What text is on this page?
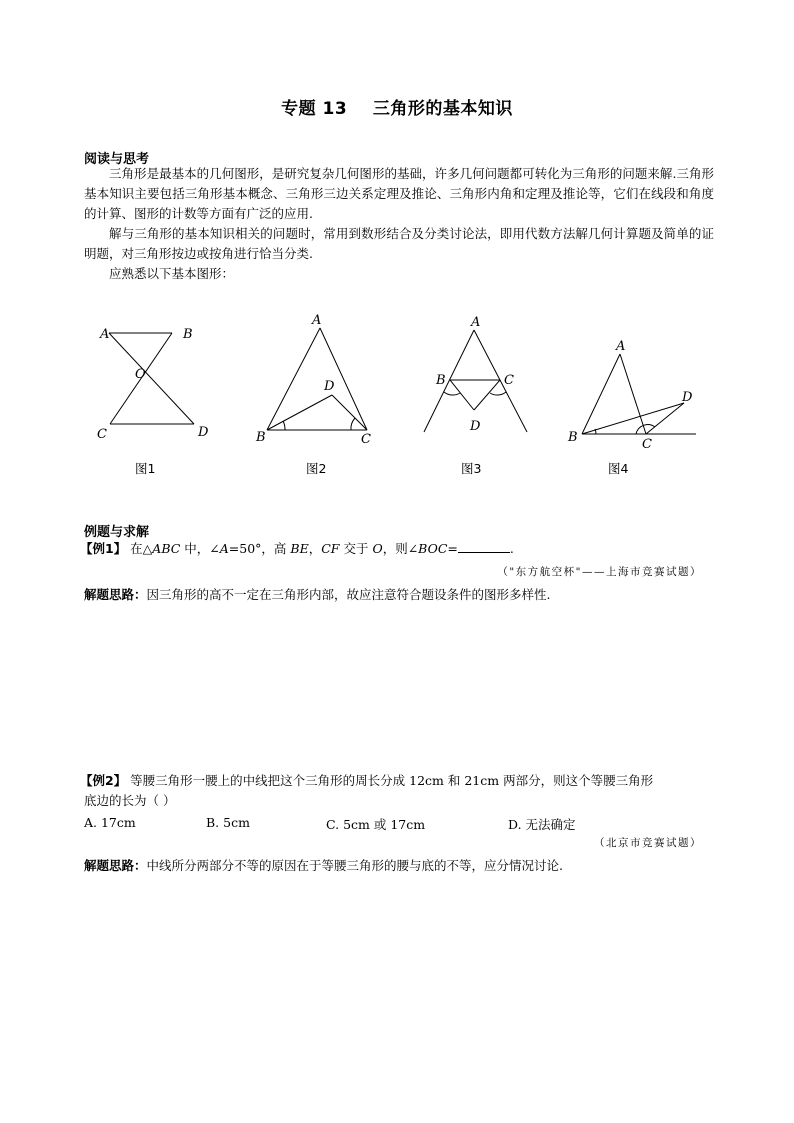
专题 13    三角形的基本知识
阅读与思考

三角形是最基本的几何图形，是研究复杂几何图形的基础，许多几何问题都可转化为三角形的问题来解.三角形基本知识主要包括三角形基本概念、三角形三边关系定理及推论、三角形内角和定理及推论等，它们在线段和角度的计算、图形的计数等方面有广泛的应用.

解与三角形的基本知识相关的问题时，常用到数形结合及分类讨论法，即用代数方法解几何计算题及简单的证明题，对三角形按边或按角进行恰当分类.

应熟悉以下基本图形：

A	B
O
C	D
A
D
B	C
A
B	C
D
A
D
B	C
图1	图2	图3	图4
例题与求解
【例1】 在△ABC 中，∠A=50°，高 BE，CF 交于 O，则∠BOC=	.
（"东方航空杯"——上海市竞赛试题）
解题思路：因三角形的高不一定在三角形内部，故应注意符合题设条件的图形多样性.
【例2】 等腰三角形一腰上的中线把这个三角形的周长分成 12cm 和 21cm 两部分，则这个等腰三角形
底边的长为（ ）
A. 17cm	B. 5cm	C. 5cm 或 17cm	D. 无法确定
（北京市竞赛试题）
解题思路：中线所分两部分不等的原因在于等腰三角形的腰与底的不等，应分情况讨论.
